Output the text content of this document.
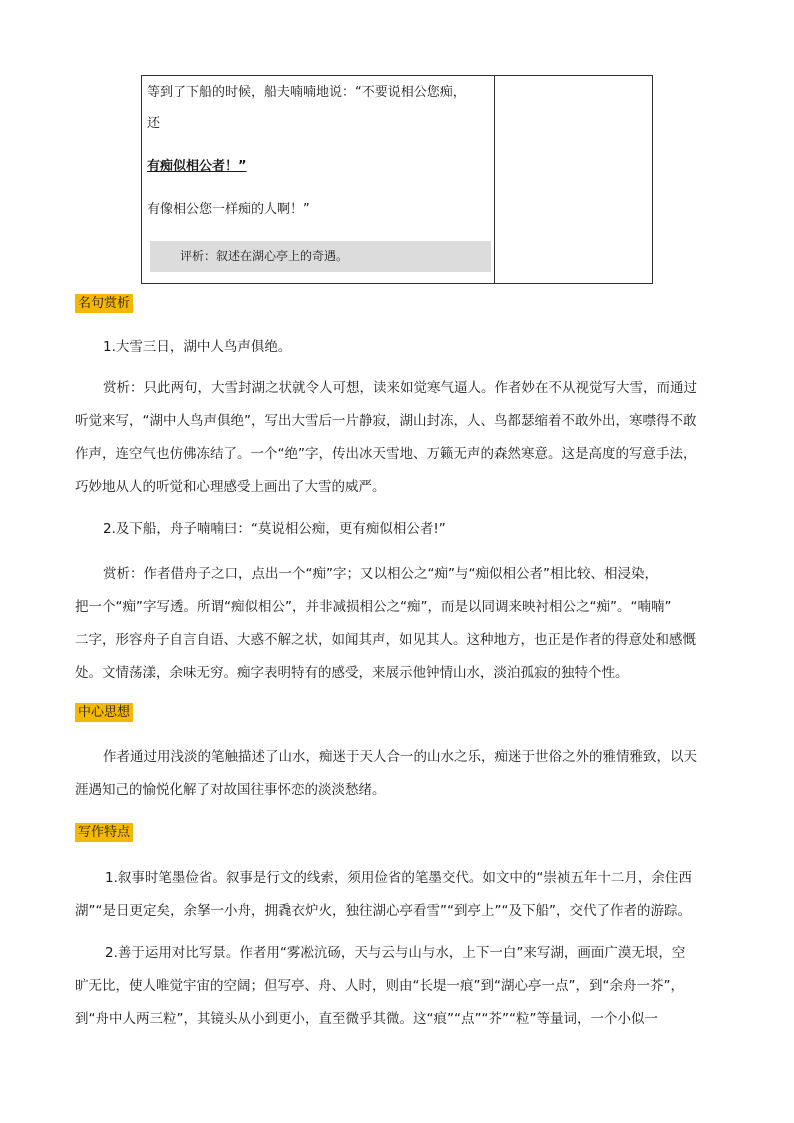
等到了下船的时候，船夫喃喃地说：“不要说相公您痴，
还
有痴似相公者！”
有像相公您一样痴的人啊！”
评析：叙述在湖心亭上的奇遇。
名句赏析
1.大雪三日，湖中人鸟声俱绝。
赏析：只此两句，大雪封湖之状就令人可想，读来如觉寒气逼人。作者妙在不从视觉写大雪，而通过
听觉来写，“湖中人鸟声俱绝”，写出大雪后一片静寂，湖山封冻，人、鸟都瑟缩着不敢外出，寒噤得不敢
作声，连空气也仿佛冻结了。一个“绝”字，传出冰天雪地、万籁无声的森然寒意。这是高度的写意手法，
巧妙地从人的听觉和心理感受上画出了大雪的威严。
2.及下船，舟子喃喃曰：“莫说相公痴，更有痴似相公者!”
赏析：作者借舟子之口，点出一个“痴”字；又以相公之“痴”与“痴似相公者”相比较、相浸染，
把一个“痴”字写透。所谓“痴似相公”，并非减损相公之“痴”，而是以同调来映衬相公之“痴”。“喃喃”
二字，形容舟子自言自语、大惑不解之状，如闻其声，如见其人。这种地方，也正是作者的得意处和感慨
处。文情荡漾，余味无穷。痴字表明特有的感受，来展示他钟情山水，淡泊孤寂的独特个性。
中心思想
作者通过用浅淡的笔触描述了山水，痴迷于天人合一的山水之乐，痴迷于世俗之外的雅情雅致，以天
涯遇知己的愉悦化解了对故国往事怀恋的淡淡愁绪。
写作特点
1.叙事时笔墨俭省。叙事是行文的线索，须用俭省的笔墨交代。如文中的“崇祯五年十二月，余住西
湖”“是日更定矣，余拏一小舟，拥毳衣炉火，独往湖心亭看雪”“到亭上”“及下船”，交代了作者的游踪。
2.善于运用对比写景。作者用“雾凇沆砀，天与云与山与水，上下一白”来写湖，画面广漠无垠，空
旷无比，使人唯觉宇宙的空阔；但写亭、舟、人时，则由“长堤一痕”到“湖心亭一点”，到“余舟一芥”，
到“舟中人两三粒”，其镜头从小到更小，直至微乎其微。这“痕”“点”“芥”“粒”等量词，一个小似一
